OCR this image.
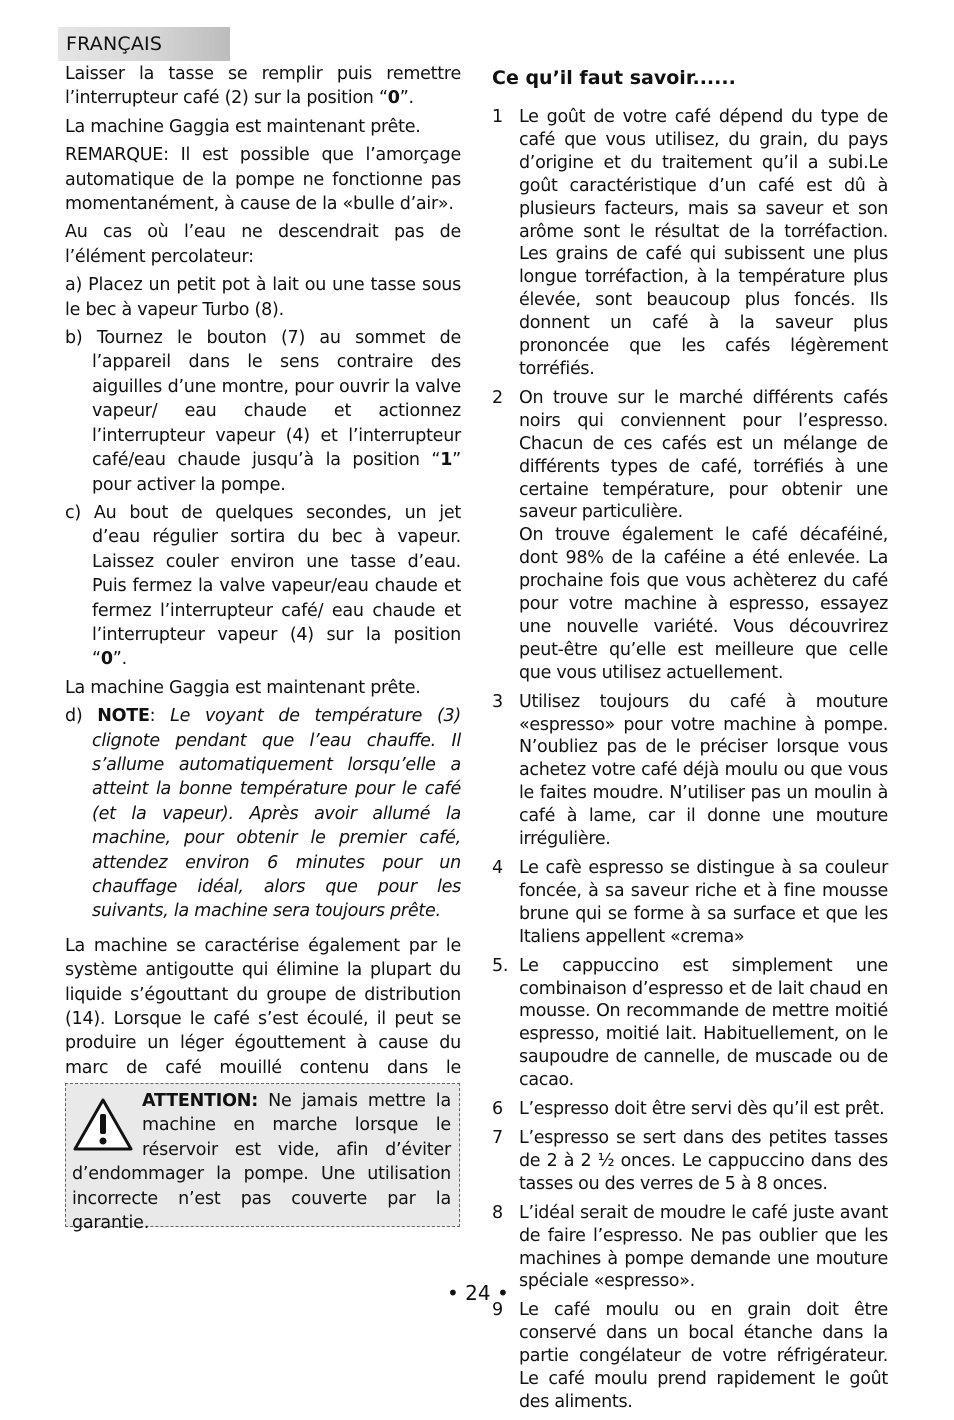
FRANÇAIS

Laisser la tasse se remplir puis remettre l’interrupteur café (2) sur la position “0”.

La machine Gaggia est maintenant prête.

REMARQUE: Il est possible que l’amorçage automatique de la pompe ne fonctionne pas momentanément, à cause de la «bulle d’air».

Au cas où l’eau ne descendrait pas de l’élément percolateur:

a) Placez un petit pot à lait ou une tasse sous le bec à vapeur Turbo (8).

b) Tournez le bouton (7) au sommet de l’appareil dans le sens contraire des aiguilles d’une montre, pour ouvrir la valve vapeur/ eau chaude et actionnez l’interrupteur vapeur (4) et l’interrupteur café/eau chaude jusqu’à la position “1” pour activer la pompe.

c) Au bout de quelques secondes, un jet d’eau régulier sortira du bec à vapeur. Laissez couler environ une tasse d’eau. Puis fermez la valve vapeur/eau chaude et fermez l’interrupteur café/ eau chaude et l’interrupteur vapeur (4) sur la position “0”.

La machine Gaggia est maintenant prête.

d) NOTE: Le voyant de température (3) clignote pendant que l’eau chauffe. Il s’allume automatiquement lorsqu’elle a atteint la bonne température pour le café (et la vapeur). Après avoir allumé la machine, pour obtenir le premier café, attendez environ 6 minutes pour un chauffage idéal, alors que pour les suivants, la machine sera toujours prête.

La machine se caractérise également par le système antigoutte qui élimine la plupart du liquide s’égouttant du groupe de distribution (14). Lorsque le café s’est écoulé, il peut se produire un léger égouttement à cause du marc de café mouillé contenu dans le

ATTENTION: Ne jamais mettre la machine en marche lorsque le réservoir est vide, afin d’éviter d’endommager la pompe. Une utilisation incorrecte n’est pas couverte par la garantie.

Ce qu’il faut savoir......
1 Le goût de votre café dépend du type de café que vous utilisez, du grain, du pays d’origine et du traitement qu’il a subi.Le goût caractéristique d’un café est dû à plusieurs facteurs, mais sa saveur et son arôme sont le résultat de la torréfaction. Les grains de café qui subissent une plus longue torréfaction, à la température plus élevée, sont beaucoup plus foncés. Ils donnent un café à la saveur plus prononcée que les cafés légèrement torréfiés.
2 On trouve sur le marché différents cafés noirs qui conviennent pour l’espresso. Chacun de ces cafés est un mélange de différents types de café, torréfiés à une certaine température, pour obtenir une saveur particulière.
On trouve également le café décaféiné, dont 98% de la caféine a été enlevée. La prochaine fois que vous achèterez du café pour votre machine à espresso, essayez une nouvelle variété. Vous découvrirez peut-être qu’elle est meilleure que celle que vous utilisez actuellement.
3 Utilisez toujours du café à mouture «espresso» pour votre machine à pompe. N’oubliez pas de le préciser lorsque vous achetez votre café déjà moulu ou que vous le faites moudre. N’utiliser pas un moulin à café à lame, car il donne une mouture irrégulière.
4 Le cafè espresso se distingue à sa couleur foncée, à sa saveur riche et à fine mousse brune qui se forme à sa surface et que les Italiens appellent «crema»
5. Le cappuccino est simplement une combinaison d’espresso et de lait chaud en mousse. On recommande de mettre moitié espresso, moitié lait. Habituellement, on le saupoudre de cannelle, de muscade ou de cacao.
6 L’espresso doit être servi dès qu’il est prêt.
7 L’espresso se sert dans des petites tasses de 2 à 2 ½ onces. Le cappuccino dans des tasses ou des verres de 5 à 8 onces.
8 L’idéal serait de moudre le café juste avant de faire l’espresso. Ne pas oublier que les machines à pompe demande une mouture spéciale «espresso».
9 Le café moulu ou en grain doit être conservé dans un bocal étanche dans la partie congélateur de votre réfrigérateur. Le café moulu prend rapidement le goût des aliments.
• 24 •
